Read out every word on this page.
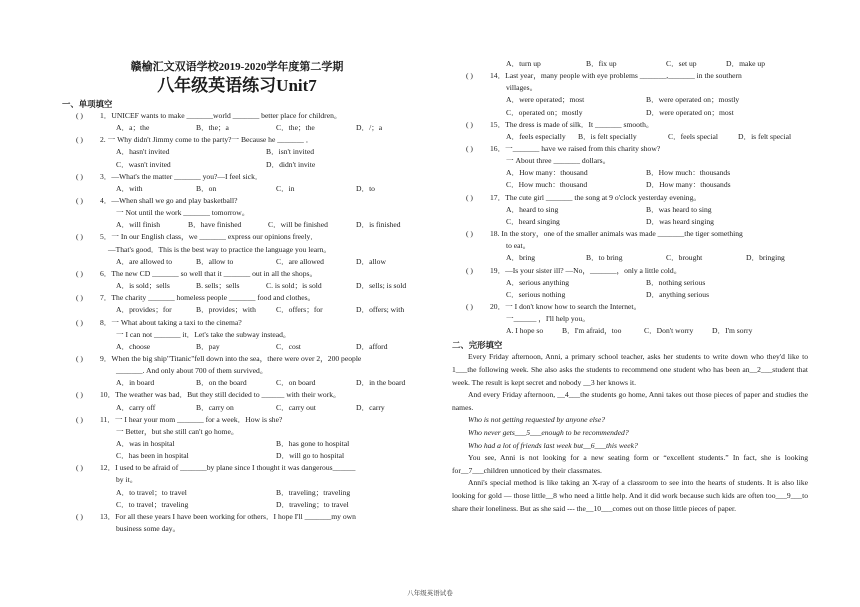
赣榆汇文双语学校2019-2020学年度第二学期
八年级英语练习Unit7
一、单项填空
( ) 1．UNICEF wants to make _______world _______ better place for children。
A．a；the	B．the；a	C．the；the	D．/；a
( ) 2. 一 Why didn't Jimmy come to the party?一 Because he _______ ．
A．hasn't invited	B．isn't invited
C．wasn't invited	D．didn't invite
( ) 3．—What's the matter _______ you?—I feel sick．
A．with	B．on	C．in	D．to
( ) 4．—When shall we go and play basketball?
一 Not until the work _______ tomorrow。
A．will finish	B．have finished	C．will be finished	D．is finished
( ) 5．一 In our English class，we _______ express our opinions freely．
—That's good．This is the best way to practice the language you learn。
A．are allowed to	B．allow to	C．are allowed	D．allow
( ) 6．The new CD _______ so well that it _______ out in all the shops。
A．is sold；sells	B. sells；sells	C. is sold；is sold	D．sells; is sold
( ) 7．The charity _______ homeless people _______ food and clothes。
A．provides；for	B．provides；with	C．offers；for	D．offers; with
( ) 8．一 What about taking a taxi to the cinema?
一 I can not _______ it．Let's take the subway instead。
A．choose	B．pay	C．cost	D．afford
( ) 9．When the big ship"Titanic"fell down into the sea，there were over 2，200 people
_______. And only about 700 of them survived。
A．in board	B．on the board	C．on board	D．in the board
( ) 10．The weather was bad．But they still decided to ______ with their work。
A．carry off	B．carry on	C．carry out	D．carry
( ) 11．一 I hear your mom _______ for a week．How is she?
一 Better，but she still can't go home。
A．was in hospital	B．has gone to hospital
C．has been in hospital	D．will go to hospital
( ) 12．I used to be afraid of _______by plane since I thought it was dangerous______
by it。
A．to travel；to travel	B．traveling；traveling
C．to travel；traveling	D．traveling；to travel
( ) 13．For all these years I have been working for others．I hope I'll _______my own
business some day。
A．turn up	B．fix up	C．set up	D．make up
( ) 14．Last year，many people with eye problems _______,_______ in the southern
villages。
A．were operated；most	B．were operated on；mostly
C．operated on；mostly	D．were operated on；most
( ) 15．The dress is made of silk．It _______ smooth。
A．feels especially B．is felt specially	C．feels special	D．is felt special
( ) 16．一_______ have we raised from this charity show?
一 About three _______ dollars。
A．How many：thousand	B．How much：thousands
C．How much：thousand	D．How many：thousands
( ) 17．The cute girl _______ the song at 9 o'clock yesterday evening。
A．heard to sing	B．was heard to sing
C．heard singing	D．was heard singing
( ) 18. In the story，one of the smaller animals was made _______the tiger something
to eat。
A．bring	B．to bring	C．brought	D．bringing
( ) 19．—Is your sister ill? —No，_______，only a little cold。
A．serious anything	B．nothing serious
C．serious nothing	D．anything serious
( ) 20．一 I don't know how to search the Internet。
一______ ，I'll help you。
A. I hope so B．I'm afraid，too	C．Don't worry D．I'm sorry
二、完形填空
Every Friday afternoon, Anni, a primary school teacher, asks her students to write down who they'd like to 1___the following week. She also asks the students to recommend one student who has been an__2___student that week. The result is kept secret and nobody __3 her knows it.
And every Friday afternoon, __4___the students go home, Anni takes out those pieces of paper and studies the names.
Who is not getting requested by anyone else?
Who never gets___5___enough to be recommended?
Who had a lot of friends last week but__6___this week?
You see, Anni is not looking for a new seating form or “excellent students.” In fact, she is looking for__7___children unnoticed by their classmates.
Anni's special method is like taking an X-ray of a classroom to see into the hearts of students. It is also like looking for gold — those little__8 who need a little help. And it did work because such kids are often too___9___to share their loneliness. But as she said --- the__10___comes out on those little pieces of paper.
八年级英语试卷
